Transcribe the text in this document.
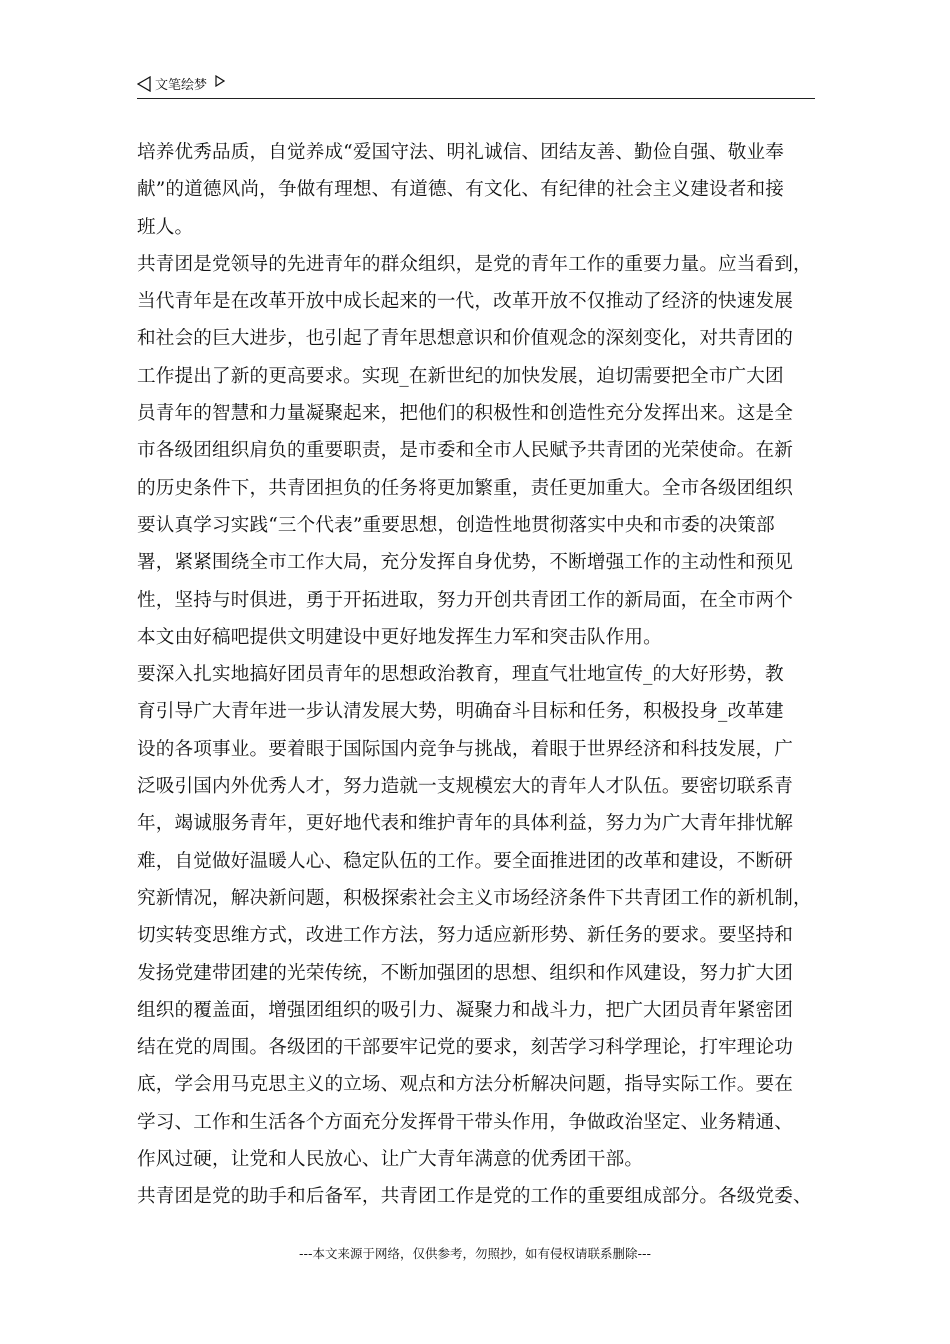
文笔绘梦
培养优秀品质，自觉养成“爱国守法、明礼诚信、团结友善、勤俭自强、敬业奉
献”的道德风尚，争做有理想、有道德、有文化、有纪律的社会主义建设者和接
班人。
共青团是党领导的先进青年的群众组织，是党的青年工作的重要力量。应当看到，
当代青年是在改革开放中成长起来的一代，改革开放不仅推动了经济的快速发展
和社会的巨大进步，也引起了青年思想意识和价值观念的深刻变化，对共青团的
工作提出了新的更高要求。实现_在新世纪的加快发展，迫切需要把全市广大团
员青年的智慧和力量凝聚起来，把他们的积极性和创造性充分发挥出来。这是全
市各级团组织肩负的重要职责，是市委和全市人民赋予共青团的光荣使命。在新
的历史条件下，共青团担负的任务将更加繁重，责任更加重大。全市各级团组织
要认真学习实践“三个代表”重要思想，创造性地贯彻落实中央和市委的决策部
署，紧紧围绕全市工作大局，充分发挥自身优势，不断增强工作的主动性和预见
性，坚持与时俱进，勇于开拓进取，努力开创共青团工作的新局面，在全市两个
本文由好稿吧提供文明建设中更好地发挥生力军和突击队作用。
要深入扎实地搞好团员青年的思想政治教育，理直气壮地宣传_的大好形势，教
育引导广大青年进一步认清发展大势，明确奋斗目标和任务，积极投身_改革建
设的各项事业。要着眼于国际国内竞争与挑战，着眼于世界经济和科技发展，广
泛吸引国内外优秀人才，努力造就一支规模宏大的青年人才队伍。要密切联系青
年，竭诚服务青年，更好地代表和维护青年的具体利益，努力为广大青年排忧解
难，自觉做好温暖人心、稳定队伍的工作。要全面推进团的改革和建设，不断研
究新情况，解决新问题，积极探索社会主义市场经济条件下共青团工作的新机制，
切实转变思维方式，改进工作方法，努力适应新形势、新任务的要求。要坚持和
发扬党建带团建的光荣传统，不断加强团的思想、组织和作风建设，努力扩大团
组织的覆盖面，增强团组织的吸引力、凝聚力和战斗力，把广大团员青年紧密团
结在党的周围。各级团的干部要牢记党的要求，刻苦学习科学理论，打牢理论功
底，学会用马克思主义的立场、观点和方法分析解决问题，指导实际工作。要在
学习、工作和生活各个方面充分发挥骨干带头作用，争做政治坚定、业务精通、
作风过硬，让党和人民放心、让广大青年满意的优秀团干部。
共青团是党的助手和后备军，共青团工作是党的工作的重要组成部分。各级党委、
---本文来源于网络，仅供参考，勿照抄，如有侵权请联系删除---
